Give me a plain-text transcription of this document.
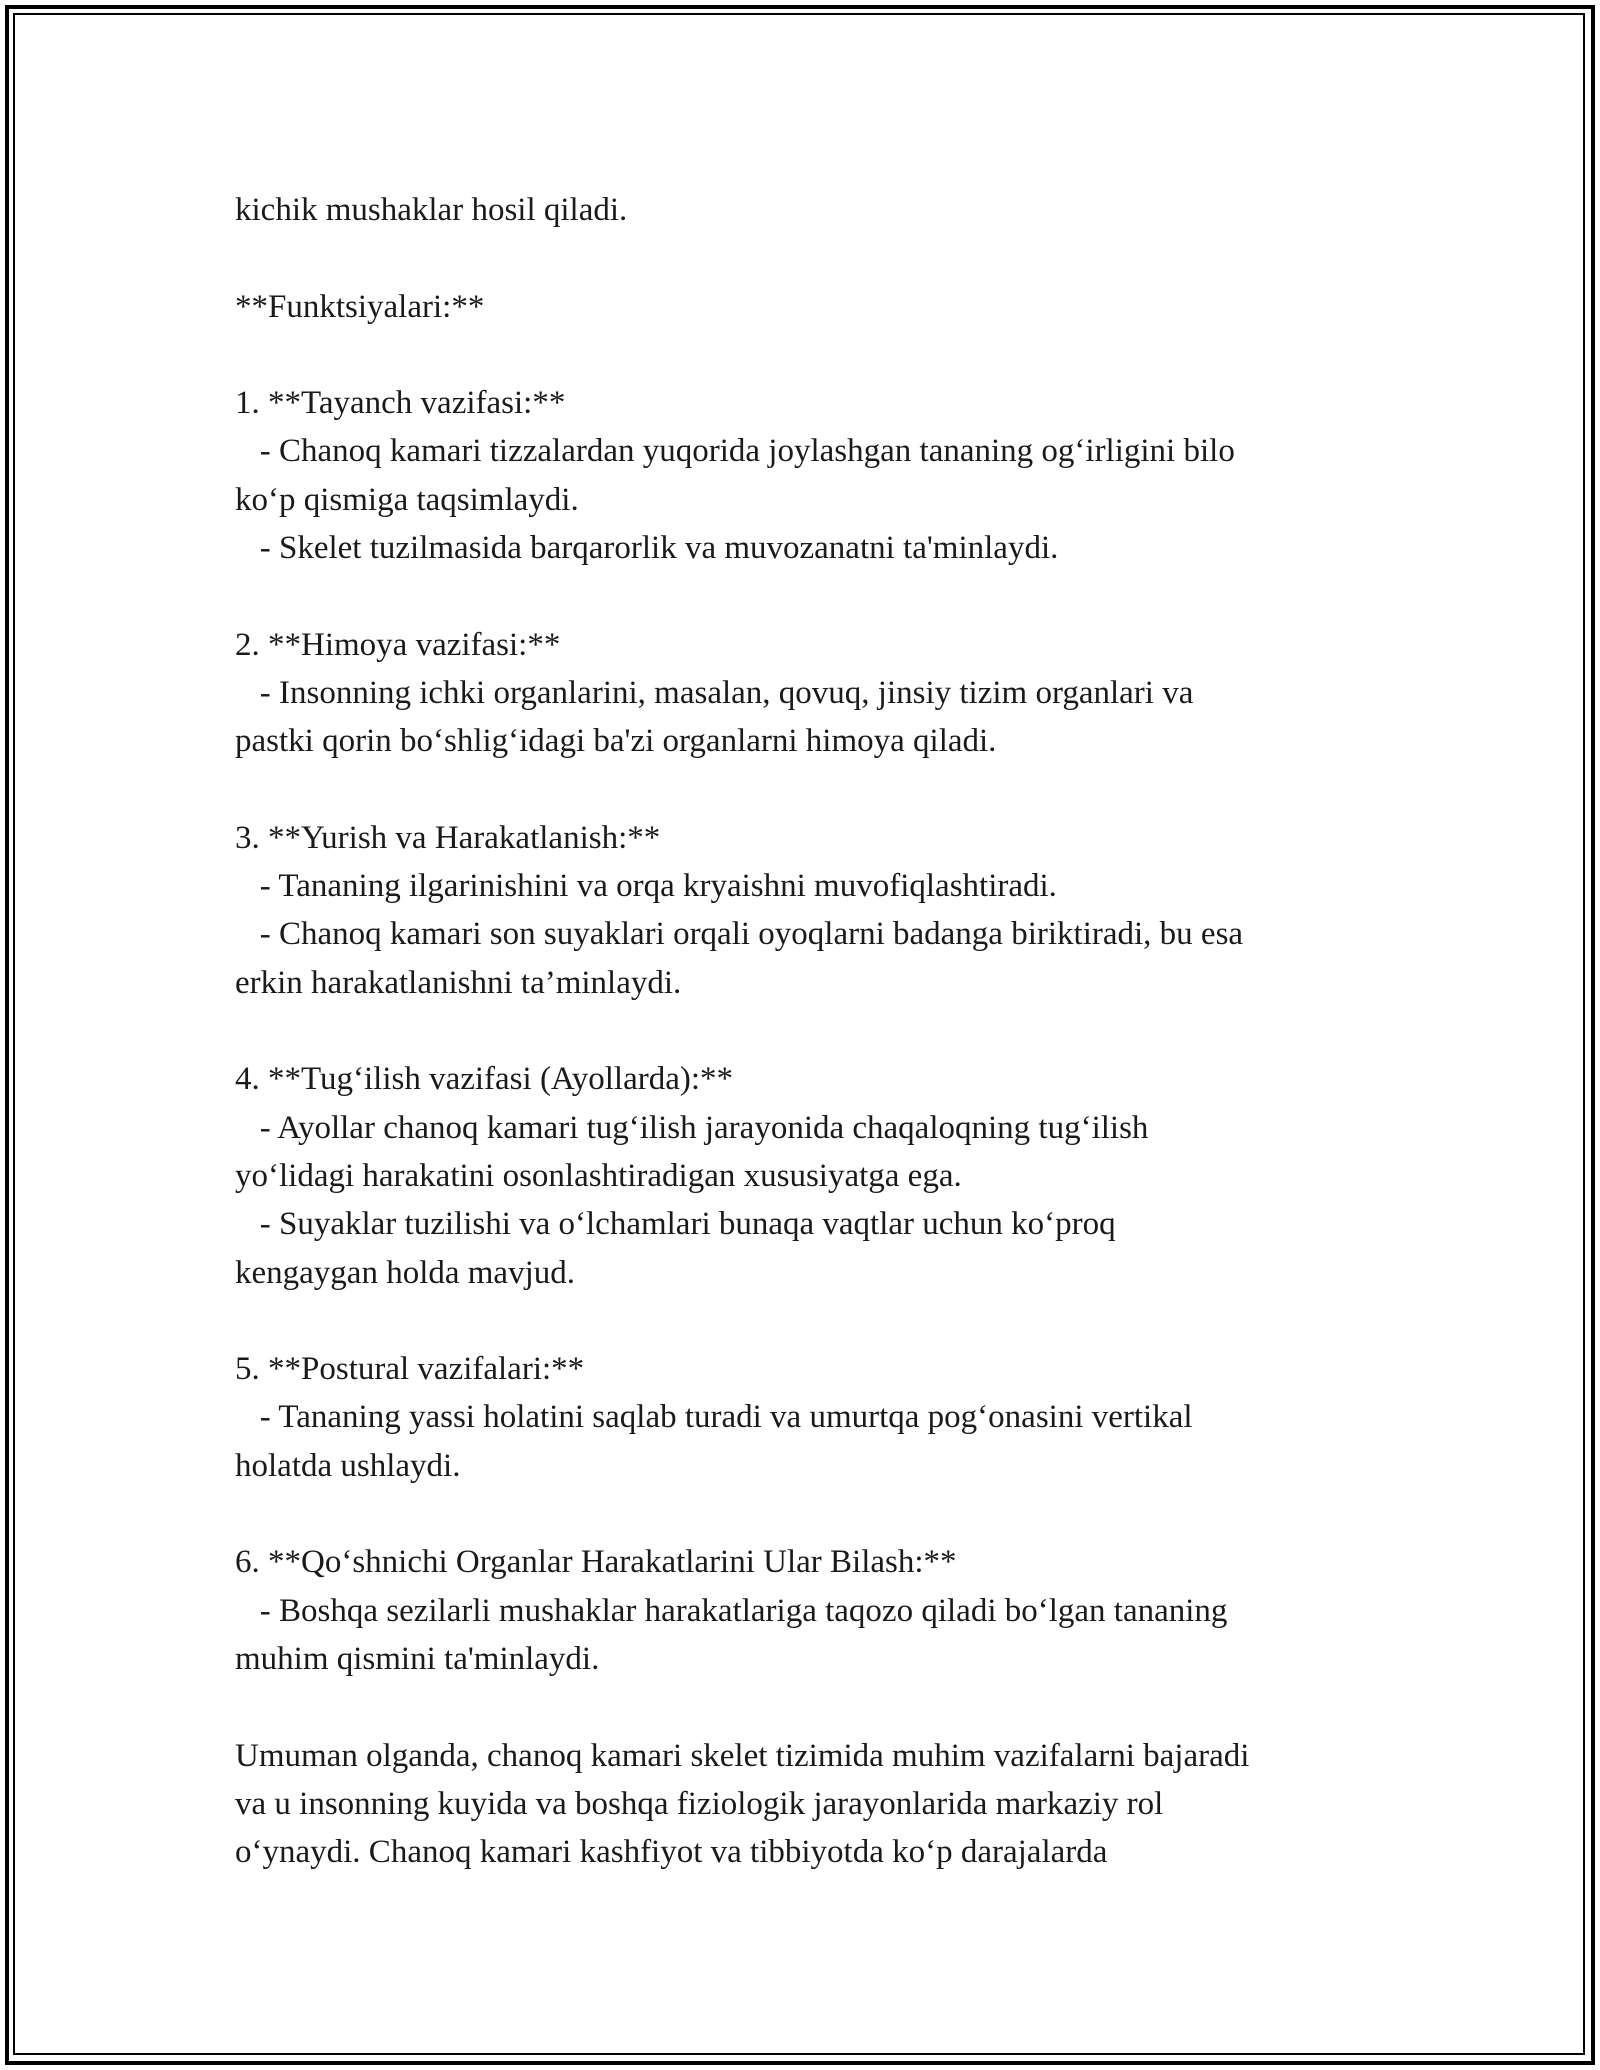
kichik mushaklar hosil qiladi.
**Funktsiyalari:**
1. **Tayanch vazifasi:**
- Chanoq kamari tizzalardan yuqorida joylashgan tananing og‘irligini bilo
ko‘p qismiga taqsimlaydi.
- Skelet tuzilmasida barqarorlik va muvozanatni ta'minlaydi.
2. **Himoya vazifasi:**
- Insonning ichki organlarini, masalan, qovuq, jinsiy tizim organlari va
pastki qorin bo‘shlig‘idagi ba'zi organlarni himoya qiladi.
3. **Yurish va Harakatlanish:**
- Tananing ilgarinishini va orqa kryaishni muvofiqlashtiradi.
- Chanoq kamari son suyaklari orqali oyoqlarni badanga biriktiradi, bu esa
erkin harakatlanishni ta’minlaydi.
4. **Tug‘ilish vazifasi (Ayollarda):**
- Ayollar chanoq kamari tug‘ilish jarayonida chaqaloqning tug‘ilish
yo‘lidagi harakatini osonlashtiradigan xususiyatga ega.
- Suyaklar tuzilishi va o‘lchamlari bunaqa vaqtlar uchun ko‘proq
kengaygan holda mavjud.
5. **Postural vazifalari:**
- Tananing yassi holatini saqlab turadi va umurtqa pog‘onasini vertikal
holatda ushlaydi.
6. **Qo‘shnichi Organlar Harakatlarini Ular Bilash:**
- Boshqa sezilarli mushaklar harakatlariga taqozo qiladi bo‘lgan tananing
muhim qismini ta'minlaydi.
Umuman olganda, chanoq kamari skelet tizimida muhim vazifalarni bajaradi
va u insonning kuyida va boshqa fiziologik jarayonlarida markaziy rol
o‘ynaydi. Chanoq kamari kashfiyot va tibbiyotda ko‘p darajalarda
